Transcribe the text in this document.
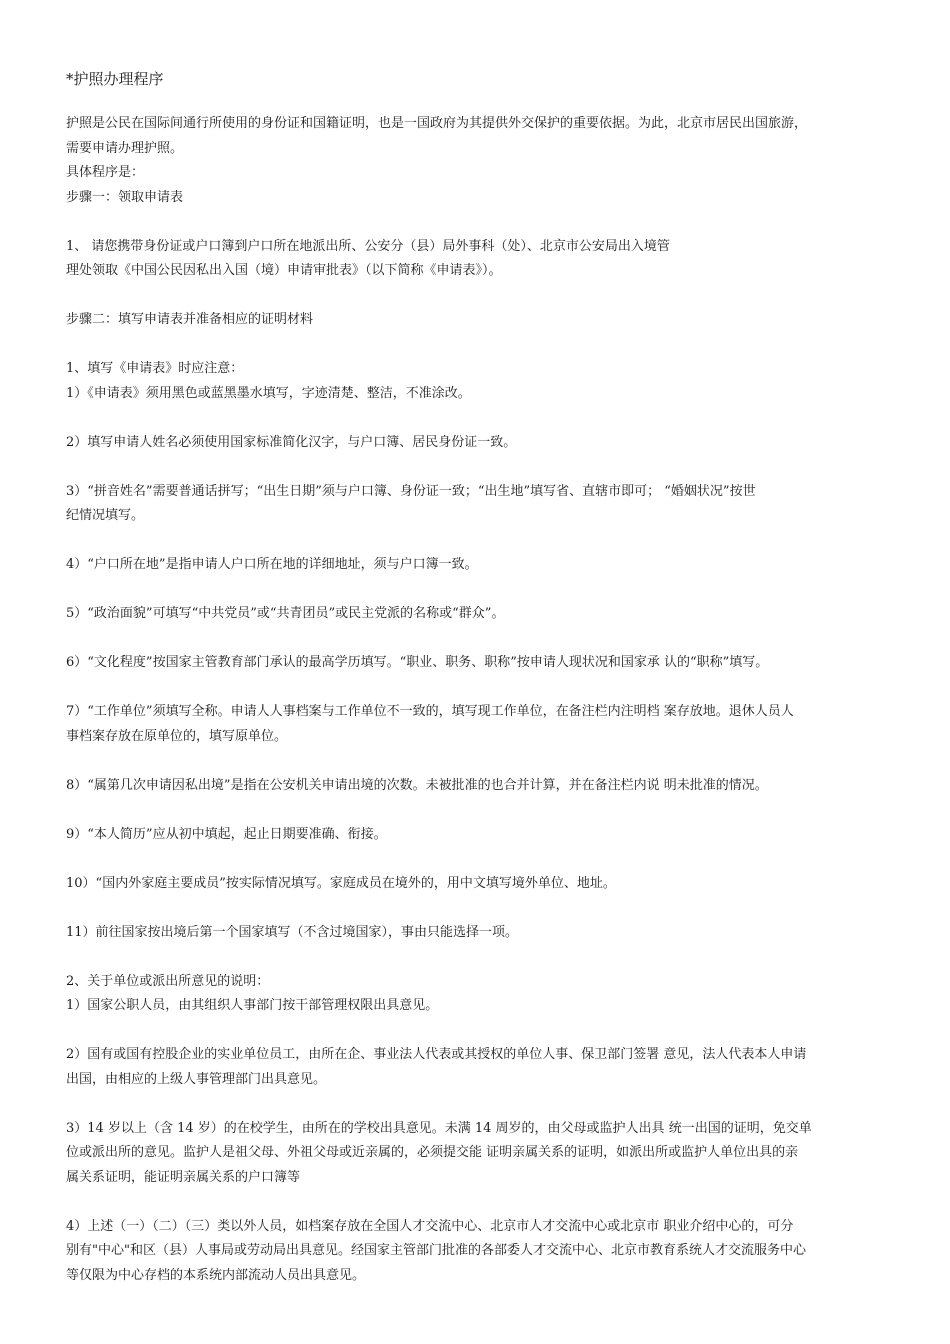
*护照办理程序
护照是公民在国际间通行所使用的身份证和国籍证明，也是一国政府为其提供外交保护的重要依据。为此，北京市居民出国旅游，
需要申请办理护照。
具体程序是：
步骤一：领取申请表
1、 请您携带身份证或户口簿到户口所在地派出所、公安分（县）局外事科（处）、北京市公安局出入境管
理处领取《中国公民因私出入国（境）申请审批表》（以下简称《申请表》）。
步骤二：填写申请表并准备相应的证明材料
1、填写《申请表》时应注意：
1）《申请表》须用黑色或蓝黑墨水填写，字迹清楚、整洁，不准涂改。
2）填写申请人姓名必须使用国家标准简化汉字，与户口簿、居民身份证一致。
3）“拼音姓名”需要普通话拼写；“出生日期”须与户口簿、身份证一致；“出生地”填写省、直辖市即可； “婚姻状况”按世
纪情况填写。
4）“户口所在地”是指申请人户口所在地的详细地址，须与户口簿一致。
5）“政治面貌”可填写“中共党员”或“共青团员”或民主党派的名称或“群众”。
6）“文化程度”按国家主管教育部门承认的最高学历填写。“职业、职务、职称”按申请人现状况和国家承 认的“职称”填写。
7）“工作单位”须填写全称。申请人人事档案与工作单位不一致的，填写现工作单位，在备注栏内注明档 案存放地。退休人员人
事档案存放在原单位的，填写原单位。
8）“属第几次申请因私出境”是指在公安机关申请出境的次数。未被批准的也合并计算，并在备注栏内说 明未批准的情况。
9）“本人简历”应从初中填起，起止日期要准确、衔接。
10）“国内外家庭主要成员”按实际情况填写。家庭成员在境外的，用中文填写境外单位、地址。
11）前往国家按出境后第一个国家填写（不含过境国家），事由只能选择一项。
2、关于单位或派出所意见的说明：
1）国家公职人员，由其组织人事部门按干部管理权限出具意见。
2）国有或国有控股企业的实业单位员工，由所在企、事业法人代表或其授权的单位人事、保卫部门签署 意见，法人代表本人申请
出国，由相应的上级人事管理部门出具意见。
3）14 岁以上（含 14 岁）的在校学生，由所在的学校出具意见。未满 14 周岁的，由父母或监护人出具 统一出国的证明，免交单
位或派出所的意见。监护人是祖父母、外祖父母或近亲属的，必须提交能 证明亲属关系的证明，如派出所或监护人单位出具的亲
属关系证明，能证明亲属关系的户口簿等
4）上述（一）（二）（三）类以外人员，如档案存放在全国人才交流中心、北京市人才交流中心或北京市 职业介绍中心的，可分
别有"中心"和区（县）人事局或劳动局出具意见。经国家主管部门批准的各部委人才交流中心、北京市教育系统人才交流服务中心
等仅限为中心存档的本系统内部流动人员出具意见。
